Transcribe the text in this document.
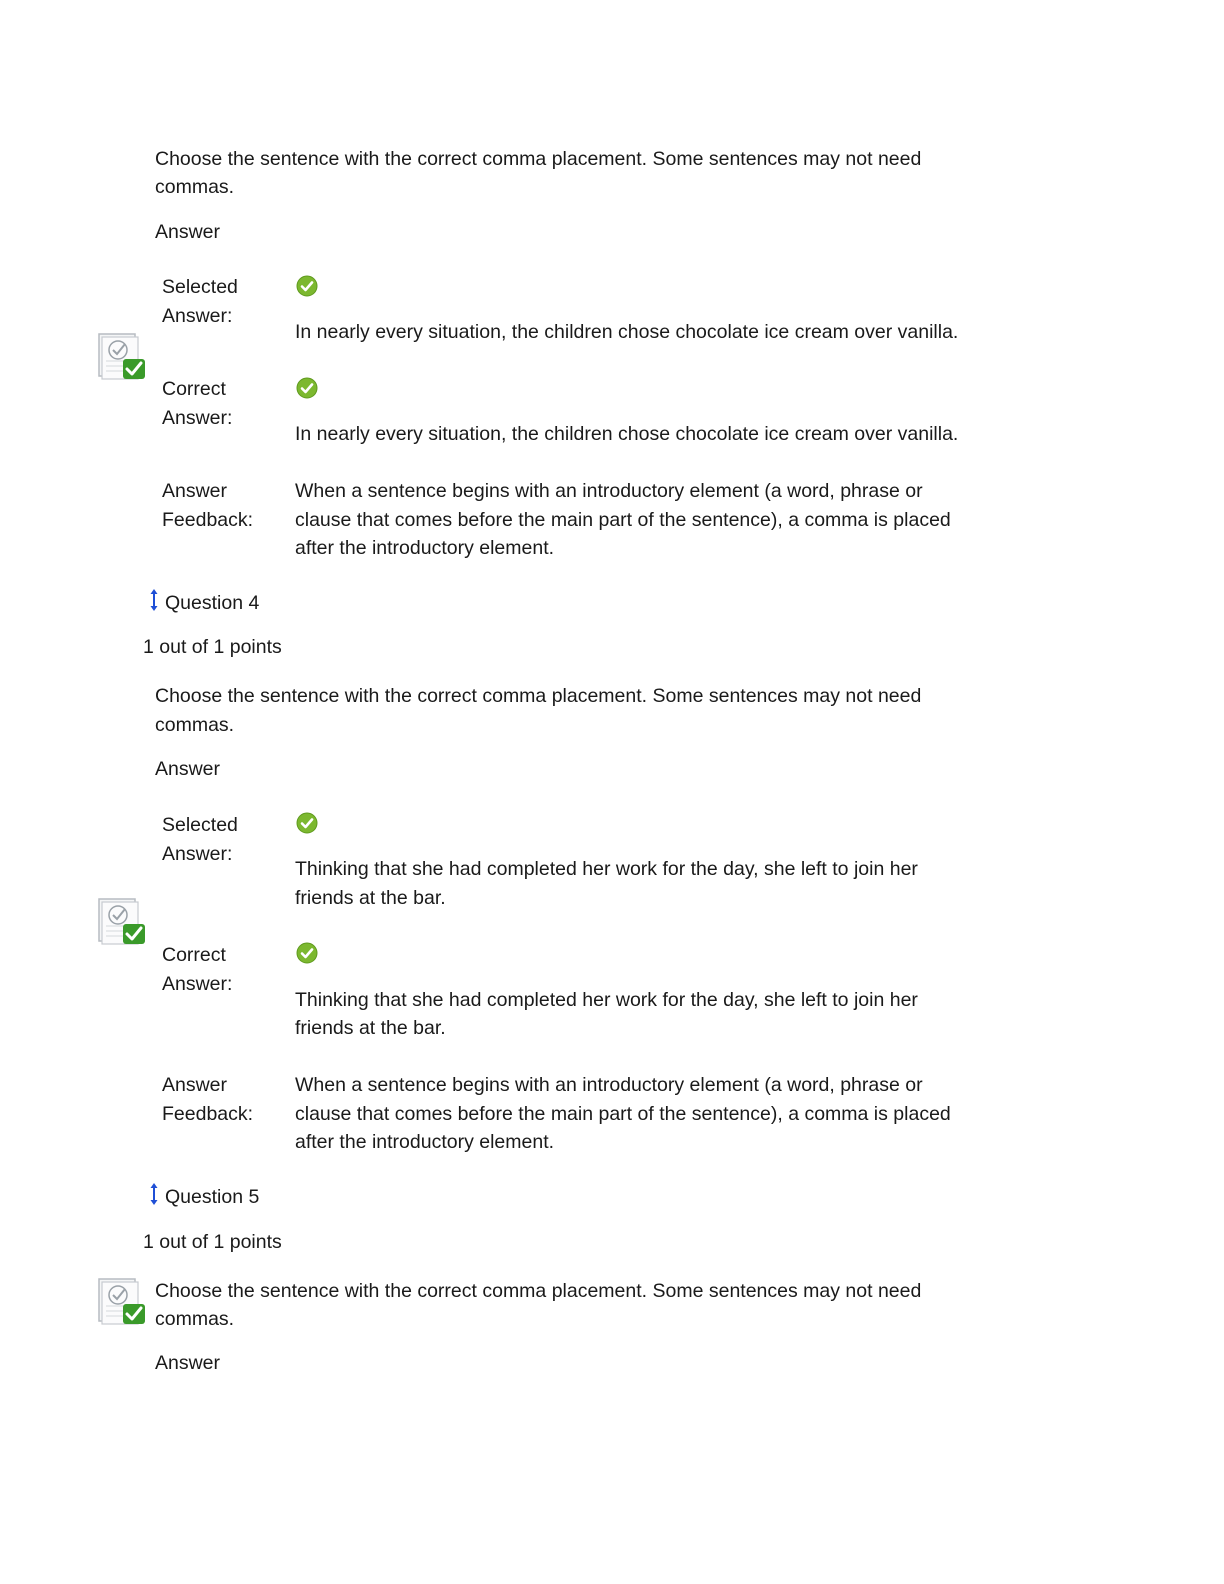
Choose the sentence with the correct comma placement. Some sentences may not need
commas.
Answer
Selected
Answer:
In nearly every situation, the children chose chocolate ice cream over vanilla.
Correct
Answer:
In nearly every situation, the children chose chocolate ice cream over vanilla.
Answer
Feedback:
When a sentence begins with an introductory element (a word, phrase or
clause that comes before the main part of the sentence), a comma is placed
after the introductory element.
Question 4
1 out of 1 points
Choose the sentence with the correct comma placement. Some sentences may not need
commas.
Answer
Selected
Answer:
Thinking that she had completed her work for the day, she left to join her
friends at the bar.
Correct
Answer:
Thinking that she had completed her work for the day, she left to join her
friends at the bar.
Answer
Feedback:
When a sentence begins with an introductory element (a word, phrase or
clause that comes before the main part of the sentence), a comma is placed
after the introductory element.
Question 5
1 out of 1 points
Choose the sentence with the correct comma placement. Some sentences may not need
commas.
Answer
